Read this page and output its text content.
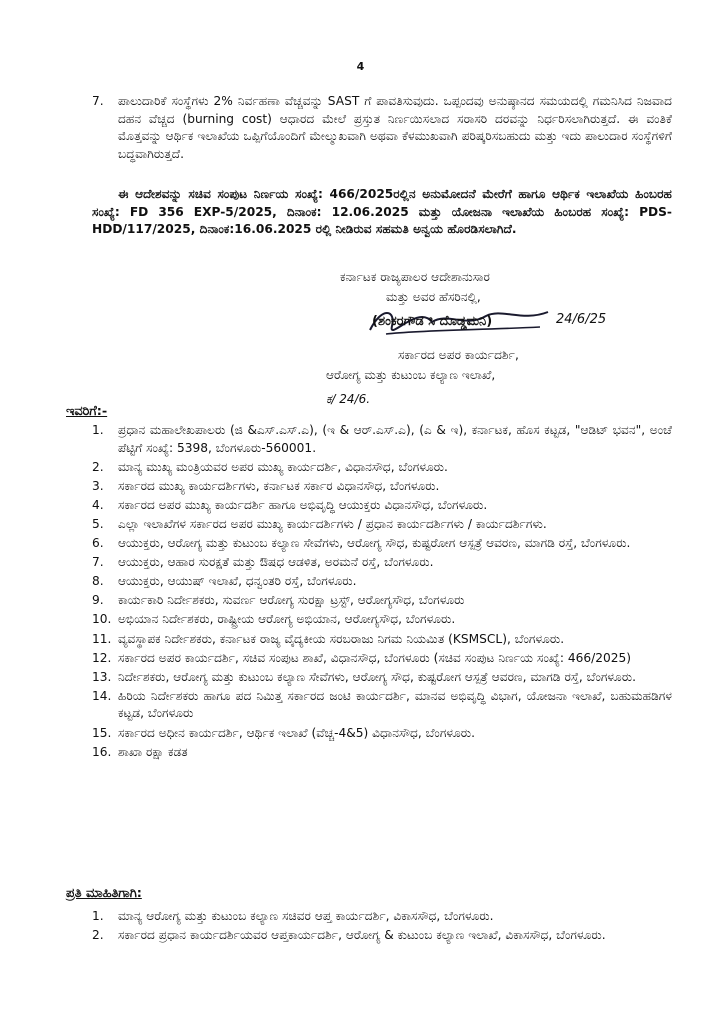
4
7. ಪಾಲುದಾರಿಕೆ ಸಂಸ್ಥೆಗಳು 2% ನಿರ್ವಹಣಾ ವೆಚ್ಚವನ್ನು SAST ಗೆ ಪಾವತಿಸುವುದು. ಒಪ್ಪಂದವು ಅನುಷ್ಠಾನದ ಸಮಯದಲ್ಲಿ ಗಮನಿಸಿದ ನಿಜವಾದ ದಹನ ವೆಚ್ಚದ (burning cost) ಆಧಾರದ ಮೇಲೆ ಪ್ರಸ್ತುತ ನಿರ್ಣಯಿಸಲಾದ ಸರಾಸರಿ ದರವನ್ನು ನಿರ್ಧರಿಸಲಾಗಿರುತ್ತದೆ. ಈ ವಂತಿಕೆ ಮೊತ್ತವನ್ನು ಆರ್ಥಿಕ ಇಲಾಖೆಯ ಒಪ್ಪಿಗೆಯೊಂದಿಗೆ ಮೇಲ್ಮುಖವಾಗಿ ಅಥವಾ ಕೆಳಮುಖವಾಗಿ ಪರಿಷ್ಕರಿಸಬಹುದು ಮತ್ತು ಇದು ಪಾಲುದಾರ ಸಂಸ್ಥೆಗಳಿಗೆ ಬದ್ಧವಾಗಿರುತ್ತದೆ.
ಈ ಆದೇಶವನ್ನು ಸಚಿವ ಸಂಪುಟ ನಿರ್ಣಯ ಸಂಖ್ಯೆ: 466/2025ರಲ್ಲಿನ ಅನುಮೋದನೆ ಮೇರೆಗೆ ಹಾಗೂ ಆರ್ಥಿಕ ಇಲಾಖೆಯ ಹಿಂಬರಹ ಸಂಖ್ಯೆ: FD 356 EXP-5/2025, ದಿನಾಂಕ: 12.06.2025 ಮತ್ತು ಯೋಜನಾ ಇಲಾಖೆಯ ಹಿಂಬರಹ ಸಂಖ್ಯೆ: PDS-HDD/117/2025, ದಿನಾಂಕ:16.06.2025 ರಲ್ಲಿ ನೀಡಿರುವ ಸಹಮತಿ ಅನ್ವಯ ಹೊರಡಿಸಲಾಗಿದೆ.
ಕರ್ನಾಟಕ ರಾಜ್ಯಪಾಲರ ಆದೇಶಾನುಸಾರ
ಮತ್ತು ಅವರ ಹೆಸರಿನಲ್ಲಿ,
(ಶಂಕರಗೌಡ ಸಿ ದೊಡ್ಡಮನಿ)	24/6/25
ಸರ್ಕಾರದ ಅಪರ ಕಾರ್ಯದರ್ಶಿ,
ಆರೋಗ್ಯ ಮತ್ತು ಕುಟುಂಬ ಕಲ್ಯಾಣ ಇಲಾಖೆ,
ಕ/ 24/6.
ಇವರಿಗೆ:-
1. ಪ್ರಧಾನ ಮಹಾಲೇಖಪಾಲರು (ಜಿ &ಎಸ್.ಎಸ್.ಎ), (ಇ & ಆರ್.ಎಸ್.ಎ), (ಎ & ಇ), ಕರ್ನಾಟಕ, ಹೊಸ ಕಟ್ಟಡ, "ಆಡಿಟ್ ಭವನ", ಅಂಚೆ ಪೆಟ್ಟಿಗೆ ಸಂಖ್ಯೆ: 5398, ಬೆಂಗಳೂರು-560001.
2. ಮಾನ್ಯ ಮುಖ್ಯ ಮಂತ್ರಿಯವರ ಅಪರ ಮುಖ್ಯ ಕಾರ್ಯದರ್ಶಿ, ವಿಧಾನಸೌಧ, ಬೆಂಗಳೂರು.
3. ಸರ್ಕಾರದ ಮುಖ್ಯ ಕಾರ್ಯದರ್ಶಿಗಳು, ಕರ್ನಾಟಕ ಸರ್ಕಾರ ವಿಧಾನಸೌಧ, ಬೆಂಗಳೂರು.
4. ಸರ್ಕಾರದ ಅಪರ ಮುಖ್ಯ ಕಾರ್ಯದರ್ಶಿ ಹಾಗೂ ಅಭಿವೃದ್ಧಿ ಆಯುಕ್ತರು ವಿಧಾನಸೌಧ, ಬೆಂಗಳೂರು.
5. ಎಲ್ಲಾ ಇಲಾಖೆಗಳ ಸರ್ಕಾರದ ಅಪರ ಮುಖ್ಯ ಕಾರ್ಯದರ್ಶಿಗಳು / ಪ್ರಧಾನ ಕಾರ್ಯದರ್ಶಿಗಳು / ಕಾರ್ಯದರ್ಶಿಗಳು.
6. ಆಯುಕ್ತರು, ಆರೋಗ್ಯ ಮತ್ತು ಕುಟುಂಬ ಕಲ್ಯಾಣ ಸೇವೆಗಳು, ಆರೋಗ್ಯ ಸೌಧ, ಕುಷ್ಟರೋಗ ಆಸ್ಪತ್ರೆ ಆವರಣ, ಮಾಗಡಿ ರಸ್ತೆ, ಬೆಂಗಳೂರು.
7. ಆಯುಕ್ತರು, ಆಹಾರ ಸುರಕ್ಷತೆ ಮತ್ತು ಔಷಧ ಆಡಳಿತ, ಅರಮನೆ ರಸ್ತೆ, ಬೆಂಗಳೂರು.
8. ಆಯುಕ್ತರು, ಆಯುಷ್ ಇಲಾಖೆ, ಧನ್ವಂತರಿ ರಸ್ತೆ, ಬೆಂಗಳೂರು.
9. ಕಾರ್ಯಕಾರಿ ನಿರ್ದೇಶಕರು, ಸುವರ್ಣ ಆರೋಗ್ಯ ಸುರಕ್ಷಾ ಟ್ರಸ್ಟ್, ಆರೋಗ್ಯಸೌಧ, ಬೆಂಗಳೂರು
10. ಅಭಿಯಾನ ನಿರ್ದೇಶಕರು, ರಾಷ್ಟ್ರೀಯ ಆರೋಗ್ಯ ಅಭಿಯಾನ, ಆರೋಗ್ಯಸೌಧ, ಬೆಂಗಳೂರು.
11. ವ್ಯವಸ್ಥಾಪಕ ನಿರ್ದೇಶಕರು, ಕರ್ನಾಟಕ ರಾಜ್ಯ ವೈದ್ಯಕೀಯ ಸರಬರಾಜು ನಿಗಮ ನಿಯಮಿತ (KSMSCL), ಬೆಂಗಳೂರು.
12. ಸರ್ಕಾರದ ಅಪರ ಕಾರ್ಯದರ್ಶಿ, ಸಚಿವ ಸಂಪುಟ ಶಾಖೆ, ವಿಧಾನಸೌಧ, ಬೆಂಗಳೂರು (ಸಚಿವ ಸಂಪುಟ ನಿರ್ಣಯ ಸಂಖ್ಯೆ: 466/2025)
13. ನಿರ್ದೇಶಕರು, ಆರೋಗ್ಯ ಮತ್ತು ಕುಟುಂಬ ಕಲ್ಯಾಣ ಸೇವೆಗಳು, ಆರೋಗ್ಯ ಸೌಧ, ಕುಷ್ಟರೋಗ ಆಸ್ಪತ್ರೆ ಆವರಣ, ಮಾಗಡಿ ರಸ್ತೆ, ಬೆಂಗಳೂರು.
14. ಹಿರಿಯ ನಿರ್ದೇಶಕರು ಹಾಗೂ ಪದ ನಿಮಿತ್ತ ಸರ್ಕಾರದ ಜಂಟಿ ಕಾರ್ಯದರ್ಶಿ, ಮಾನವ ಅಭಿವೃದ್ಧಿ ವಿಭಾಗ, ಯೋಜನಾ ಇಲಾಖೆ, ಬಹುಮಹಡಿಗಳ ಕಟ್ಟಡ, ಬೆಂಗಳೂರು
15. ಸರ್ಕಾರದ ಅಧೀನ ಕಾರ್ಯದರ್ಶಿ, ಆರ್ಥಿಕ ಇಲಾಖೆ (ವೆಚ್ಚ-4&5) ವಿಧಾನಸೌಧ, ಬೆಂಗಳೂರು.
16. ಶಾಖಾ ರಕ್ಷಾ ಕಡತ
ಪ್ರತಿ ಮಾಹಿತಿಗಾಗಿ:
1. ಮಾನ್ಯ ಆರೋಗ್ಯ ಮತ್ತು ಕುಟುಂಬ ಕಲ್ಯಾಣ ಸಚಿವರ ಆಪ್ತ ಕಾರ್ಯದರ್ಶಿ, ವಿಕಾಸಸೌಧ, ಬೆಂಗಳೂರು.
2. ಸರ್ಕಾರದ ಪ್ರಧಾನ ಕಾರ್ಯದರ್ಶಿಯವರ ಆಪ್ತಕಾರ್ಯದರ್ಶಿ, ಆರೋಗ್ಯ & ಕುಟುಂಬ ಕಲ್ಯಾಣ ಇಲಾಖೆ, ವಿಕಾಸಸೌಧ, ಬೆಂಗಳೂರು.
